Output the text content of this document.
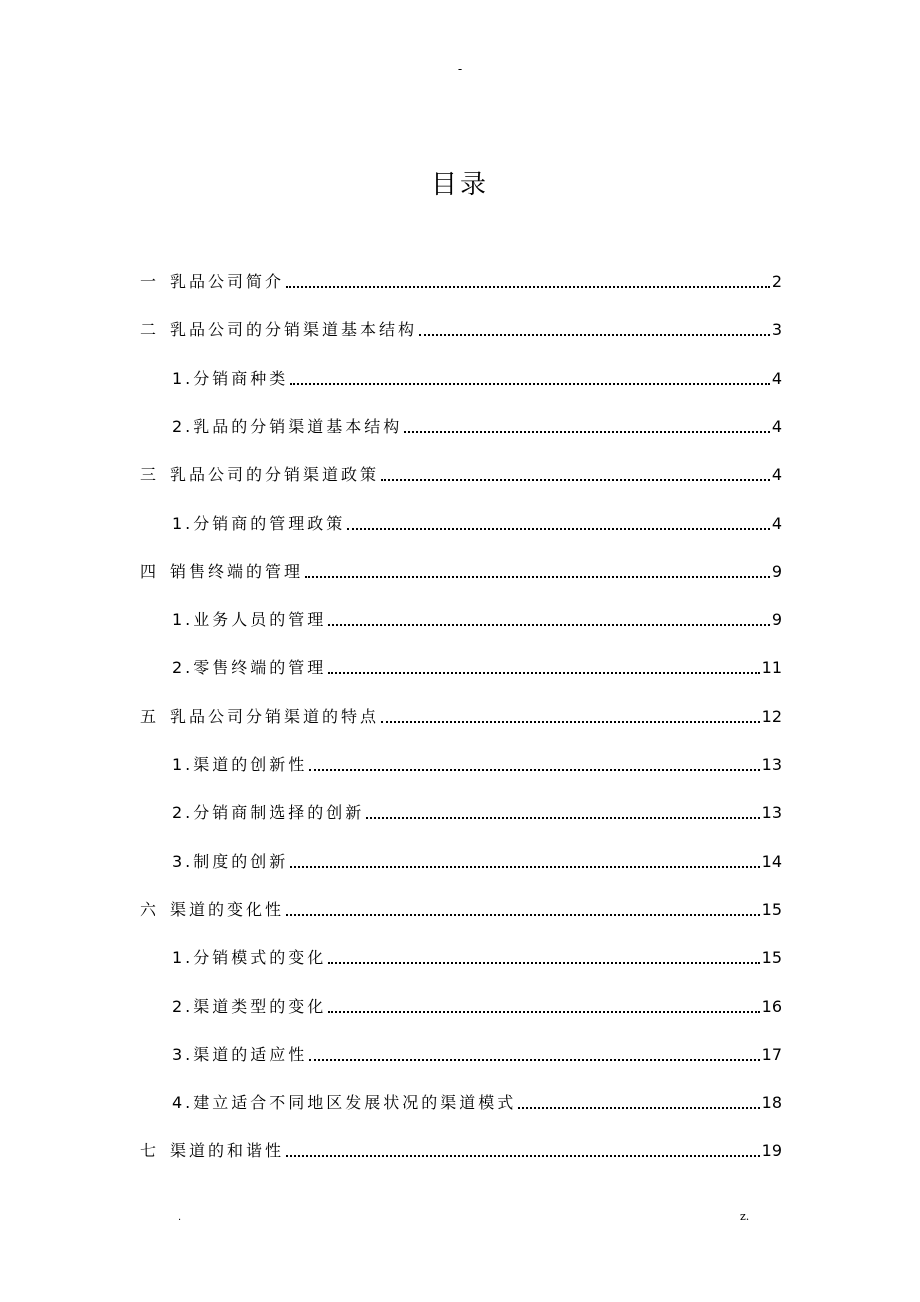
-
目录
一 乳品公司简介	2
二 乳品公司的分销渠道基本结构	3
1.分销商种类	4
2.乳品的分销渠道基本结构	4
三 乳品公司的分销渠道政策	4
1.分销商的管理政策	4
四 销售终端的管理	9
1.业务人员的管理	9
2.零售终端的管理	11
五 乳品公司分销渠道的特点	12
1.渠道的创新性	13
2.分销商制选择的创新	13
3.制度的创新	14
六 渠道的变化性	15
1.分销模式的变化	15
2.渠道类型的变化	16
3.渠道的适应性	17
4.建立适合不同地区发展状况的渠道模式	18
七 渠道的和谐性	19
.	z.
